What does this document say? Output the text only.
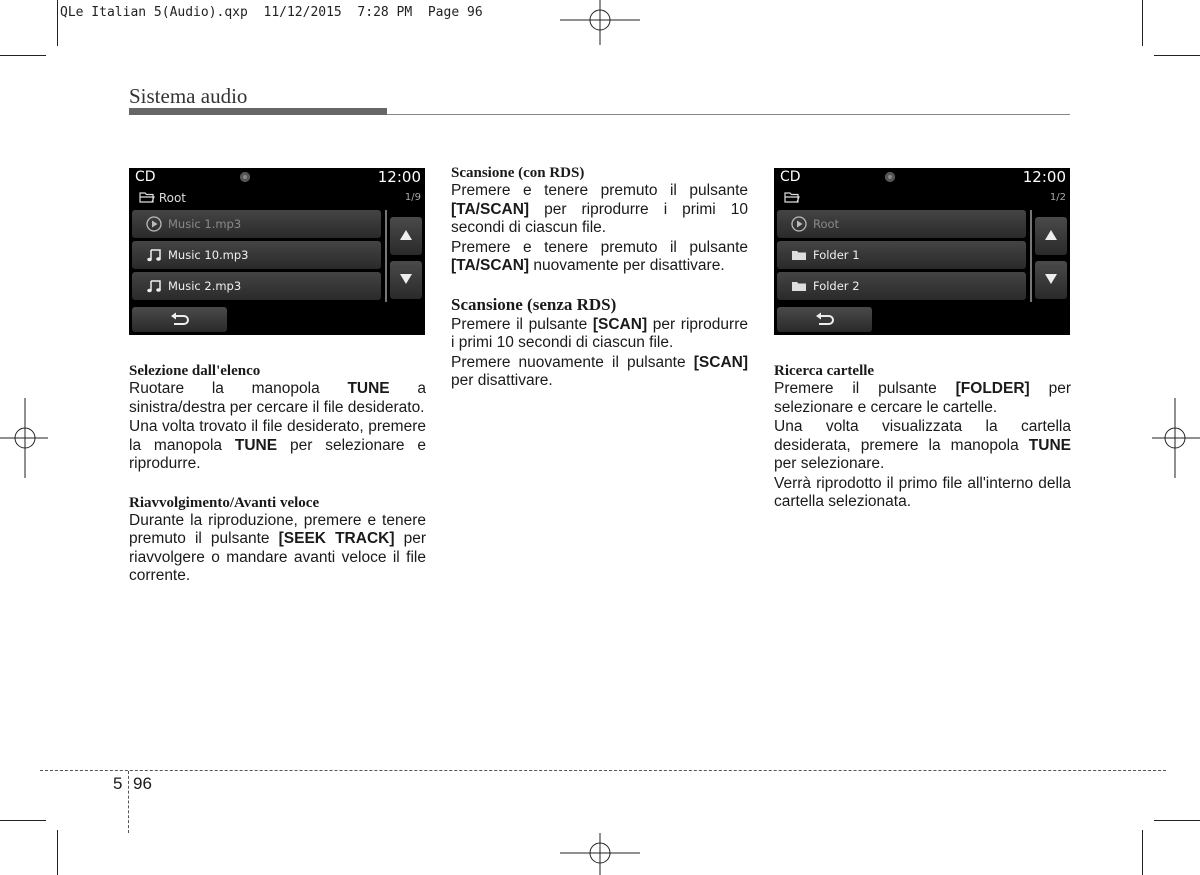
QLe Italian 5(Audio).qxp  11/12/2015  7:28 PM  Page 96
Sistema audio
CD	12:00
Root	1/9
Music 1.mp3
Music 10.mp3
Music 2.mp3
CD	12:00
1/2
Root
Folder 1
Folder 2
Selezione dall'elenco

Ruotare la manopola TUNE a sinistra/destra per cercare il file desiderato.

Una volta trovato il file desiderato, premere la manopola TUNE per selezionare e riprodurre.

Riavvolgimento/Avanti veloce

Durante la riproduzione, premere e tenere premuto il pulsante [SEEK TRACK] per riavvolgere o mandare avanti veloce il file corrente.

Scansione (con RDS)

Premere e tenere premuto il pulsante [TA/SCAN] per riprodurre i primi 10 secondi di ciascun file.

Premere e tenere premuto il pulsante [TA/SCAN] nuovamente per disattivare.

Scansione (senza RDS)

Premere il pulsante [SCAN] per riprodurre i primi 10 secondi di ciascun file.

Premere nuovamente il pulsante [SCAN] per disattivare.

Ricerca cartelle

Premere il pulsante [FOLDER] per selezionare e cercare le cartelle.

Una volta visualizzata la cartella desiderata, premere la manopola TUNE per selezionare.

Verrà riprodotto il primo file all'interno della cartella selezionata.

5 96
